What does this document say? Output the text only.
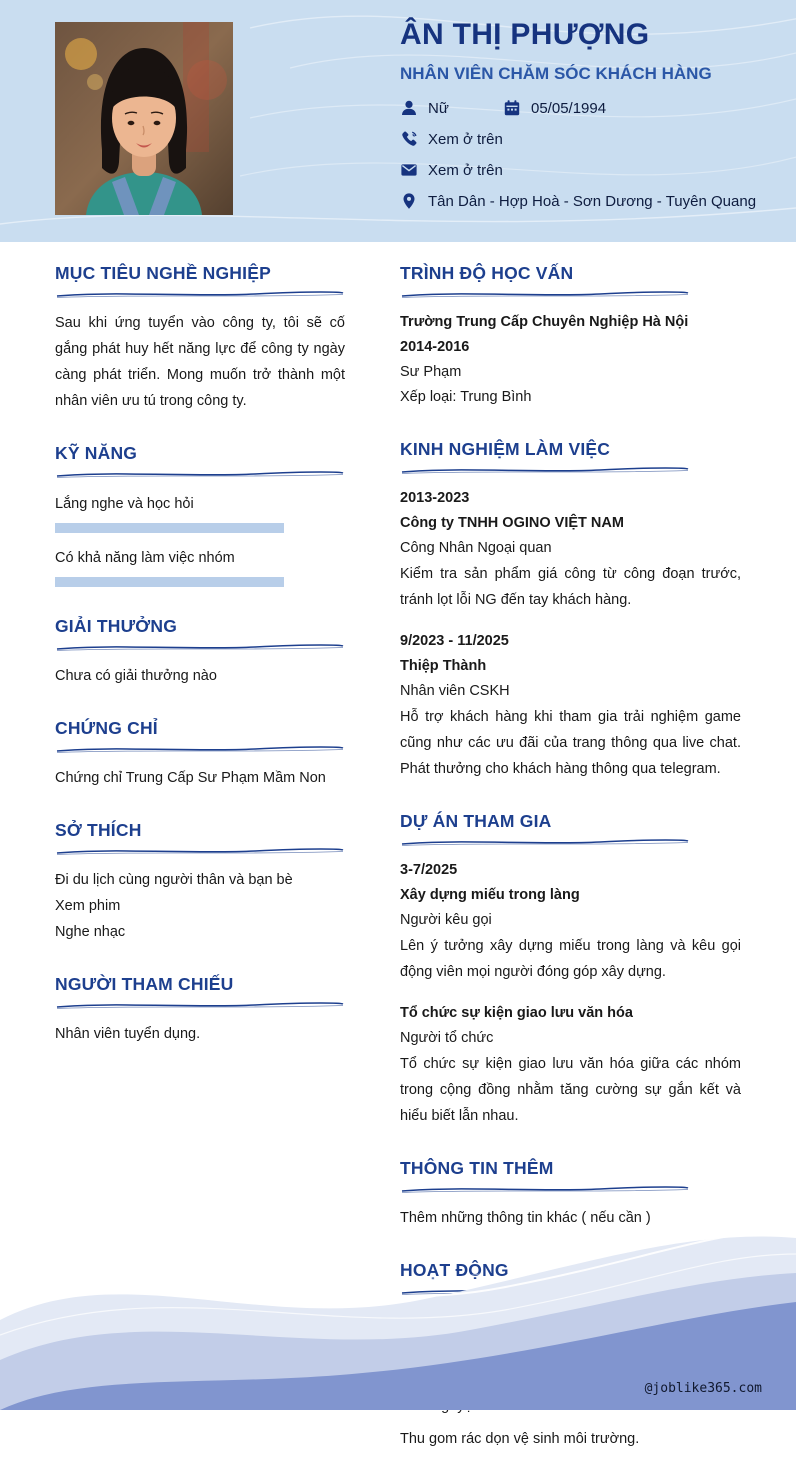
ÂN THỊ PHƯỢNG
NHÂN VIÊN CHĂM SÓC KHÁCH HÀNG
Nữ	05/05/1994
Xem ở trên
Xem ở trên
Tân Dân - Hợp Hoà - Sơn Dương - Tuyên Quang
MỤC TIÊU NGHỀ NGHIỆP

Sau khi ứng tuyển vào công ty, tôi sẽ cố gắng phát huy hết năng lực để công ty ngày càng phát triển. Mong muốn trở thành một nhân viên ưu tú trong công ty.

KỸ NĂNG
Lắng nghe và học hỏi
Có khả năng làm việc nhóm
GIẢI THƯỞNG

Chưa có giải thưởng nào

CHỨNG CHỈ

Chứng chỉ Trung Cấp Sư Phạm Mầm Non

SỞ THÍCH
Đi du lịch cùng người thân và bạn bè
Xem phim
Nghe nhạc
NGƯỜI THAM CHIẾU

Nhân viên tuyển dụng.

TRÌNH ĐỘ HỌC VẤN
Trường Trung Cấp Chuyên Nghiệp Hà Nội
2014-2016
Sư Phạm
Xếp loại: Trung Bình
KINH NGHIỆM LÀM VIỆC
2013-2023
Công ty TNHH OGINO VIỆT NAM
Công Nhân Ngoại quan

Kiểm tra sản phẩm giá công từ công đoạn trước, tránh lọt lỗi NG đến tay khách hàng.

9/2023 - 11/2025
Thiệp Thành
Nhân viên CSKH

Hỗ trợ khách hàng khi tham gia trải nghiệm game cũng như các ưu đãi của trang thông qua live chat. Phát thưởng cho khách hàng thông qua telegram.

DỰ ÁN THAM GIA
3-7/2025
Xây dựng miếu trong làng
Người kêu gọi

Lên ý tưởng xây dựng miếu trong làng và kêu gọi động viên mọi người đóng góp xây dựng.

Tổ chức sự kiện giao lưu văn hóa
Người tổ chức

Tổ chức sự kiện giao lưu văn hóa giữa các nhóm trong cộng đồng nhằm tăng cường sự gắn kết và hiểu biết lẫn nhau.

THÔNG TIN THÊM

Thêm những thông tin khác ( nếu cần )

HOẠT ĐỘNG

Thu gom rác dọn vệ sinh môi trường.
@joblike365.com
